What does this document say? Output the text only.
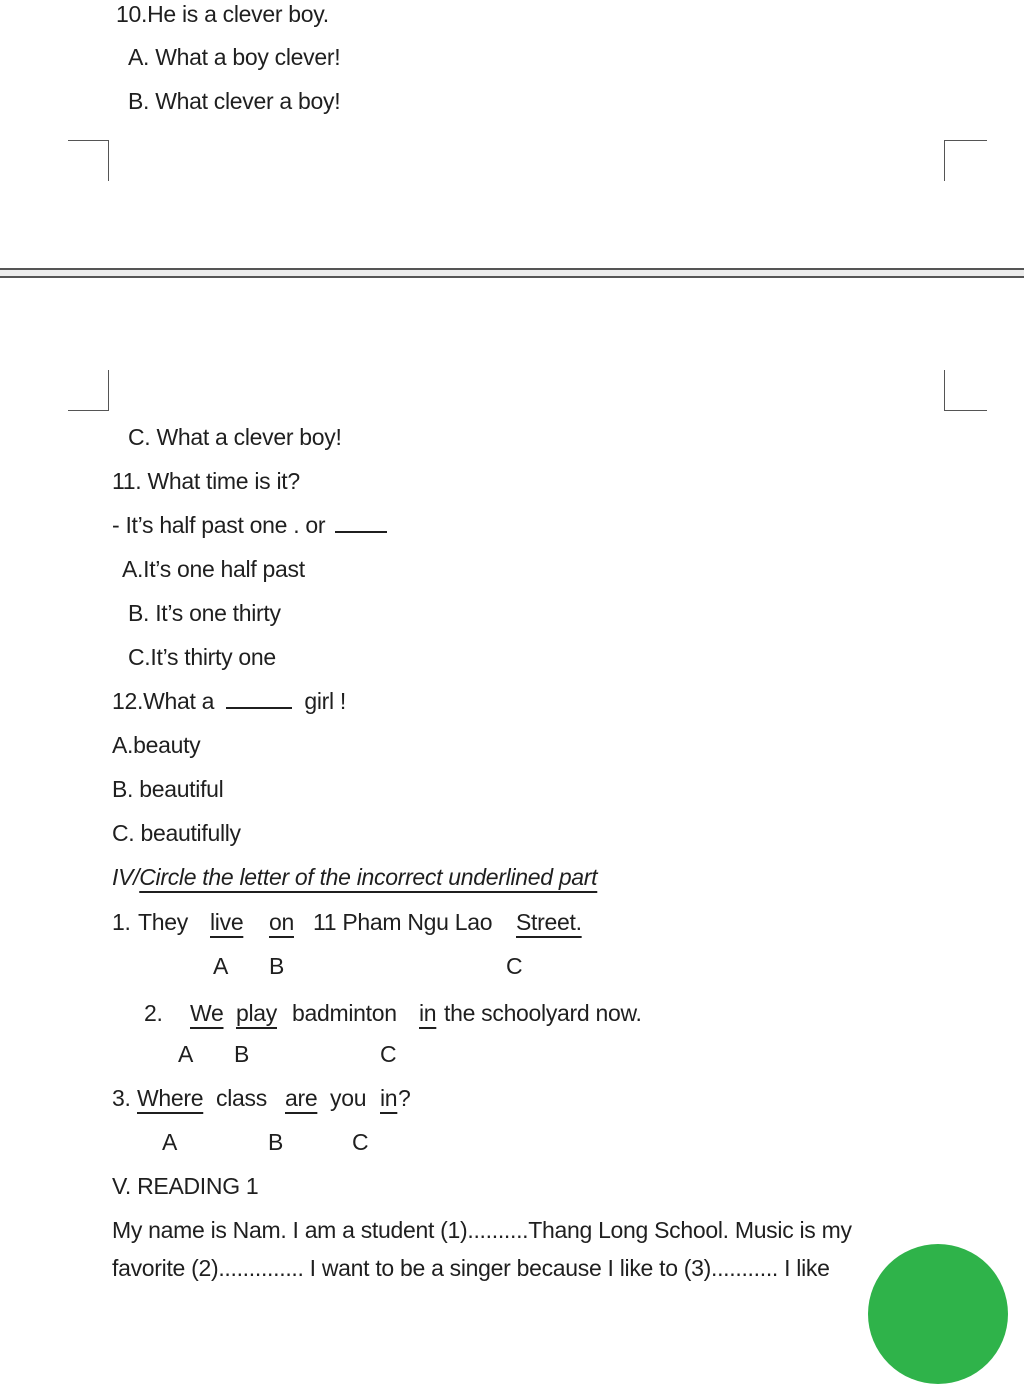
10.He is a clever boy.
A. What a boy clever!
B. What clever a boy!
C. What a clever boy!
11. What time is it?
- It’s half past one . or
A.It’s one half past
B. It’s one thirty
C.It’s thirty one
12.What a	girl !
A.beauty
B. beautiful
C. beautifully
IV/Circle the letter of the incorrect underlined part
1. They live on 11 Pham Ngu Lao Street.
A B	C
2. We play badminton in the schoolyard now.
A B	C
3. Where class are you in ?
A	B	C
V. READING 1
My name is Nam. I am a student (1)..........Thang Long School. Music is my
favorite (2).............. I want to be a singer because I like to (3)........... I like
